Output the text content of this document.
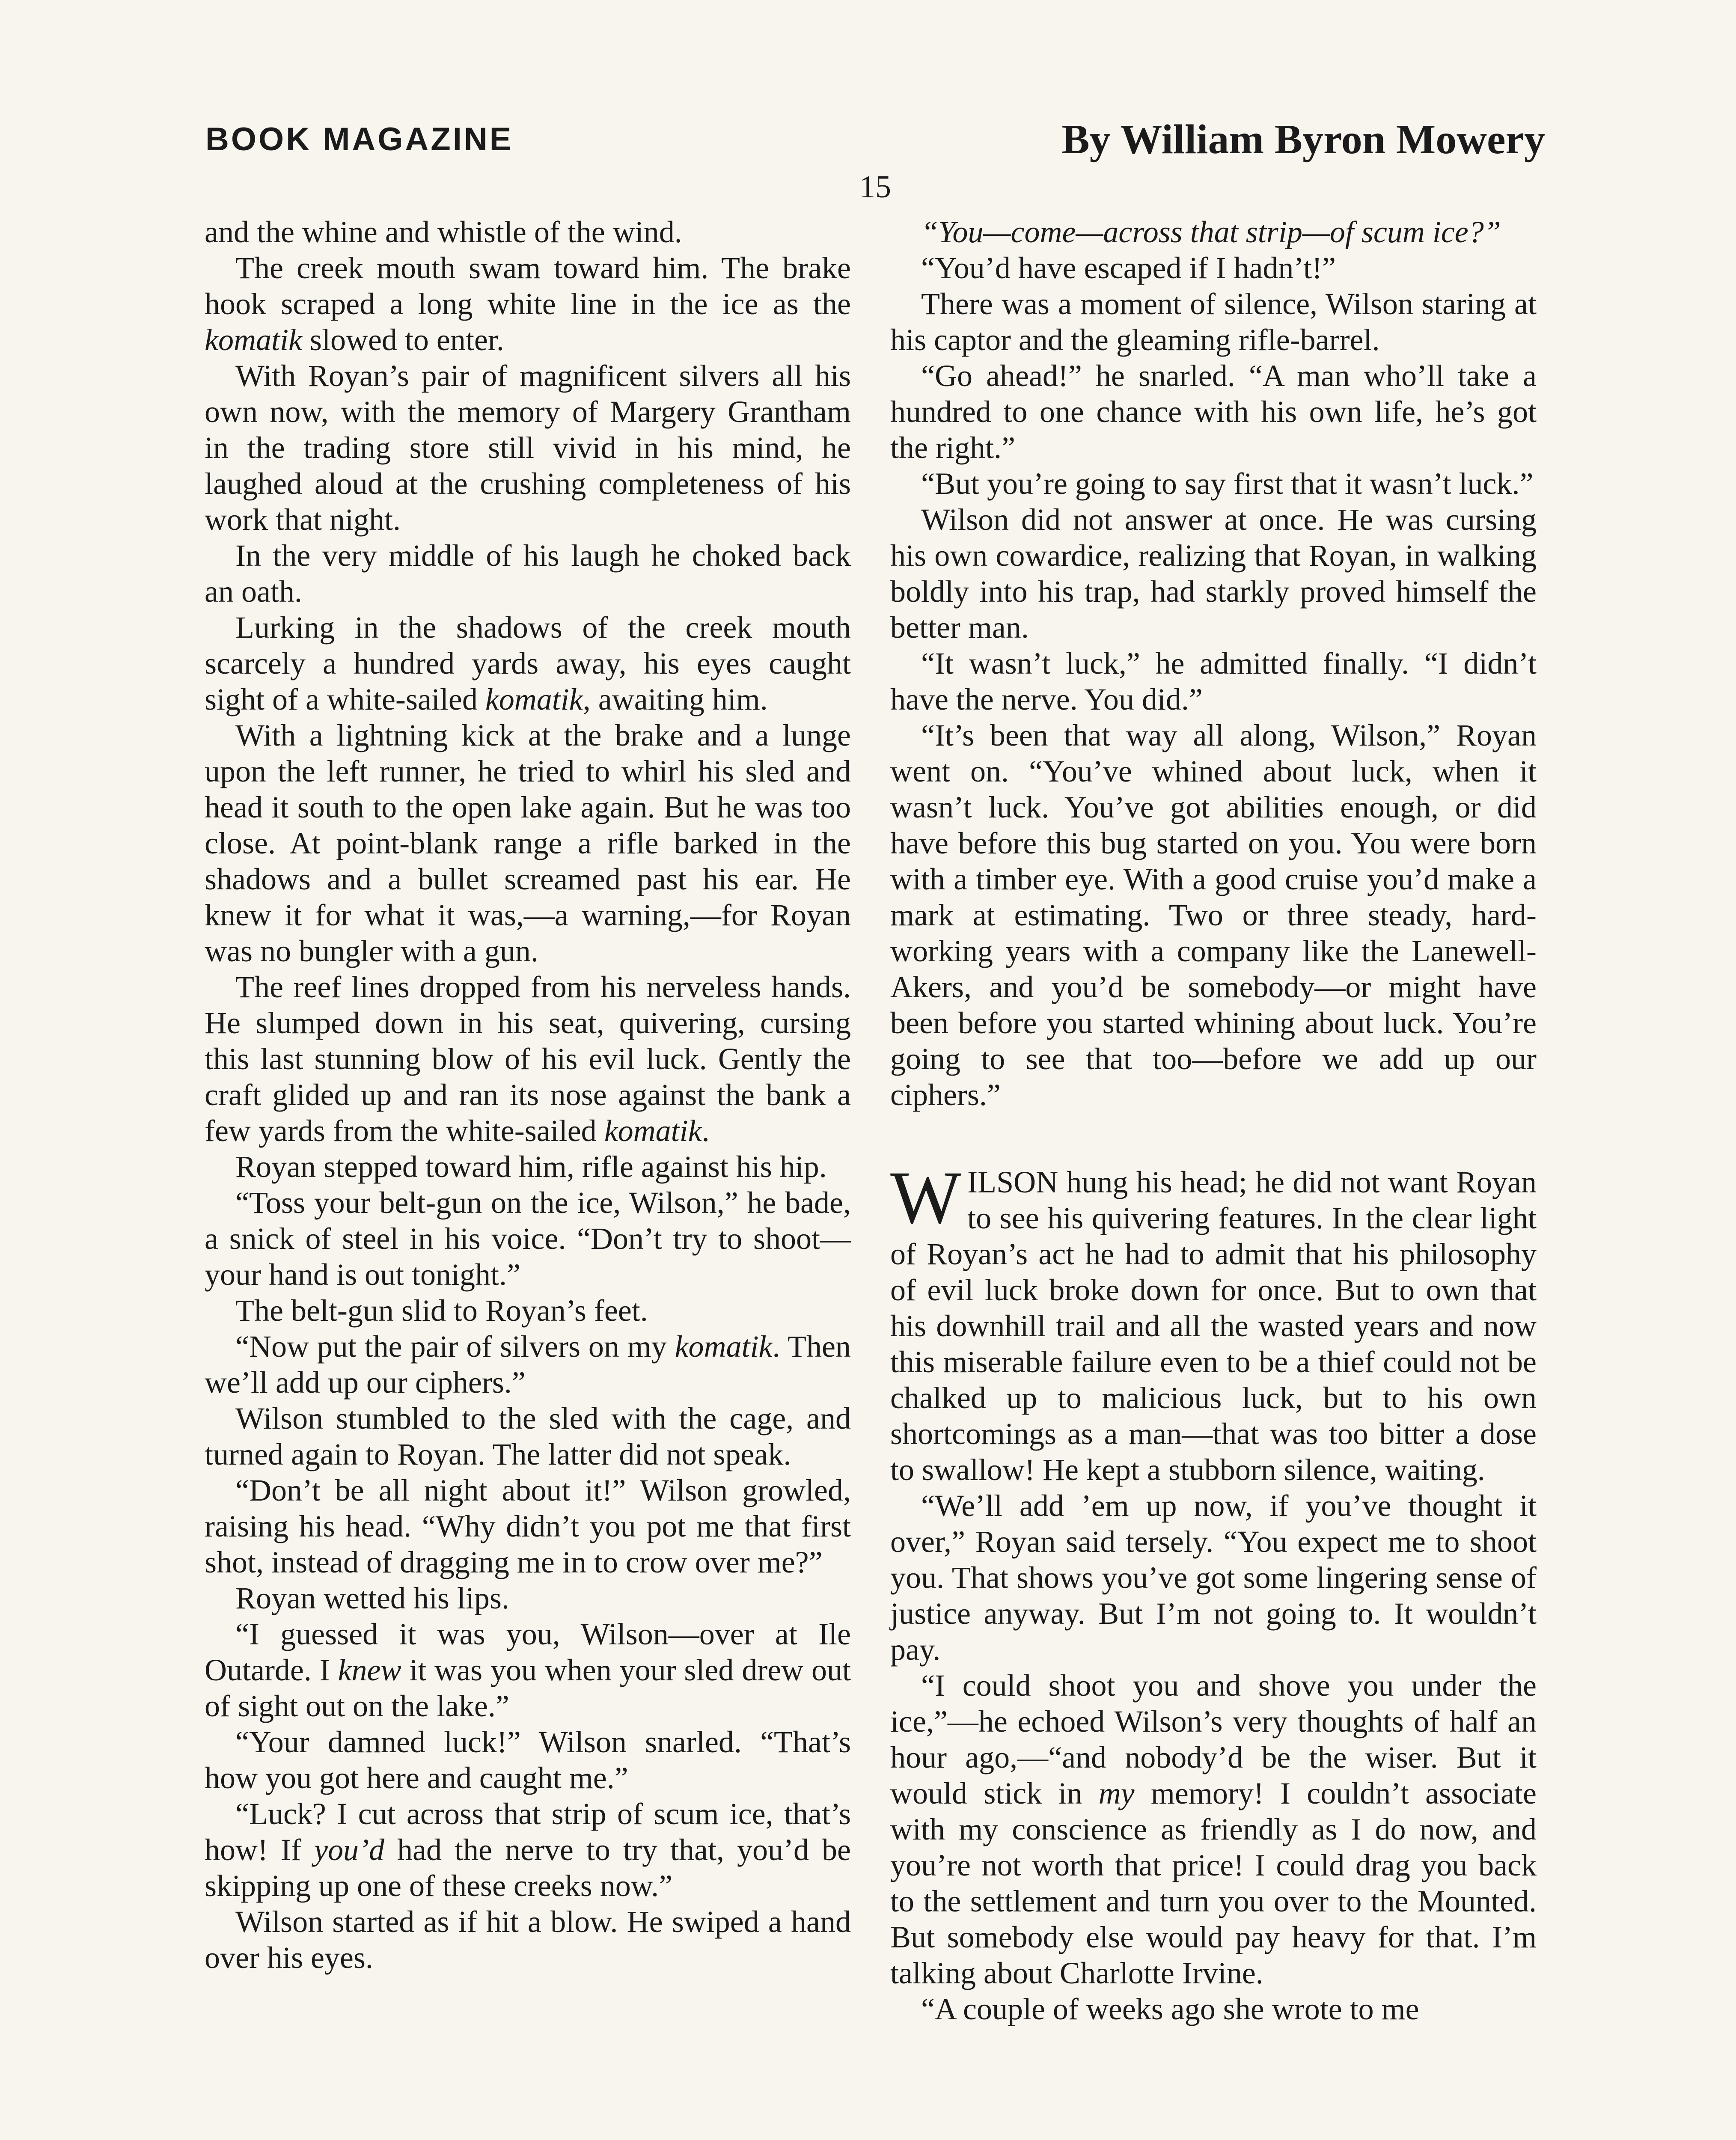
BOOK MAGAZINE	By William Byron Mowery
15

and the whine and whistle of the wind.

The creek mouth swam toward him. The brake hook scraped a long white line in the ice as the komatik slowed to enter.

With Royan’s pair of magnificent silvers all his own now, with the memory of Margery Grantham in the trading store still vivid in his mind, he laughed aloud at the crushing completeness of his work that night.

In the very middle of his laugh he choked back an oath.

Lurking in the shadows of the creek mouth scarcely a hundred yards away, his eyes caught sight of a white-sailed komatik, awaiting him.

With a lightning kick at the brake and a lunge upon the left runner, he tried to whirl his sled and head it south to the open lake again. But he was too close. At point-blank range a rifle barked in the shadows and a bullet screamed past his ear. He knew it for what it was,—a warning,—for Royan was no bungler with a gun.

The reef lines dropped from his nerveless hands. He slumped down in his seat, quivering, cursing this last stunning blow of his evil luck. Gently the craft glided up and ran its nose against the bank a few yards from the white-sailed komatik.

Royan stepped toward him, rifle against his hip.

“Toss your belt-gun on the ice, Wilson,” he bade, a snick of steel in his voice. “Don’t try to shoot—your hand is out tonight.”

The belt-gun slid to Royan’s feet.

“Now put the pair of silvers on my komatik. Then we’ll add up our ciphers.”

Wilson stumbled to the sled with the cage, and turned again to Royan. The latter did not speak.

“Don’t be all night about it!” Wilson growled, raising his head. “Why didn’t you pot me that first shot, instead of dragging me in to crow over me?”

Royan wetted his lips.

“I guessed it was you, Wilson—over at Ile Outarde. I knew it was you when your sled drew out of sight out on the lake.”

“Your damned luck!” Wilson snarled. “That’s how you got here and caught me.”

“Luck? I cut across that strip of scum ice, that’s how! If you’d had the nerve to try that, you’d be skipping up one of these creeks now.”

Wilson started as if hit a blow. He swiped a hand over his eyes.

“You—come—across that strip—of scum ice?”

“You’d have escaped if I hadn’t!”

There was a moment of silence, Wilson staring at his captor and the gleaming rifle-barrel.

“Go ahead!” he snarled. “A man who’ll take a hundred to one chance with his own life, he’s got the right.”

“But you’re going to say first that it wasn’t luck.”

Wilson did not answer at once. He was cursing his own cowardice, realizing that Royan, in walking boldly into his trap, had starkly proved himself the better man.

“It wasn’t luck,” he admitted finally. “I didn’t have the nerve. You did.”

“It’s been that way all along, Wilson,” Royan went on. “You’ve whined about luck, when it wasn’t luck. You’ve got abilities enough, or did have before this bug started on you. You were born with a timber eye. With a good cruise you’d make a mark at estimating. Two or three steady, hard-working years with a company like the Lanewell-Akers, and you’d be somebody—or might have been before you started whining about luck. You’re going to see that too—before we add up our ciphers.”

WILSON hung his head; he did not want Royan to see his quivering features. In the clear light of Royan’s act he had to admit that his philosophy of evil luck broke down for once. But to own that his downhill trail and all the wasted years and now this miserable failure even to be a thief could not be chalked up to malicious luck, but to his own shortcomings as a man—that was too bitter a dose to swallow! He kept a stubborn silence, waiting.

“We’ll add ’em up now, if you’ve thought it over,” Royan said tersely. “You expect me to shoot you. That shows you’ve got some lingering sense of justice anyway. But I’m not going to. It wouldn’t pay.

“I could shoot you and shove you under the ice,”—he echoed Wilson’s very thoughts of half an hour ago,—“and nobody’d be the wiser. But it would stick in my memory! I couldn’t associate with my conscience as friendly as I do now, and you’re not worth that price! I could drag you back to the settlement and turn you over to the Mounted. But somebody else would pay heavy for that. I’m talking about Charlotte Irvine.

“A couple of weeks ago she wrote to me
